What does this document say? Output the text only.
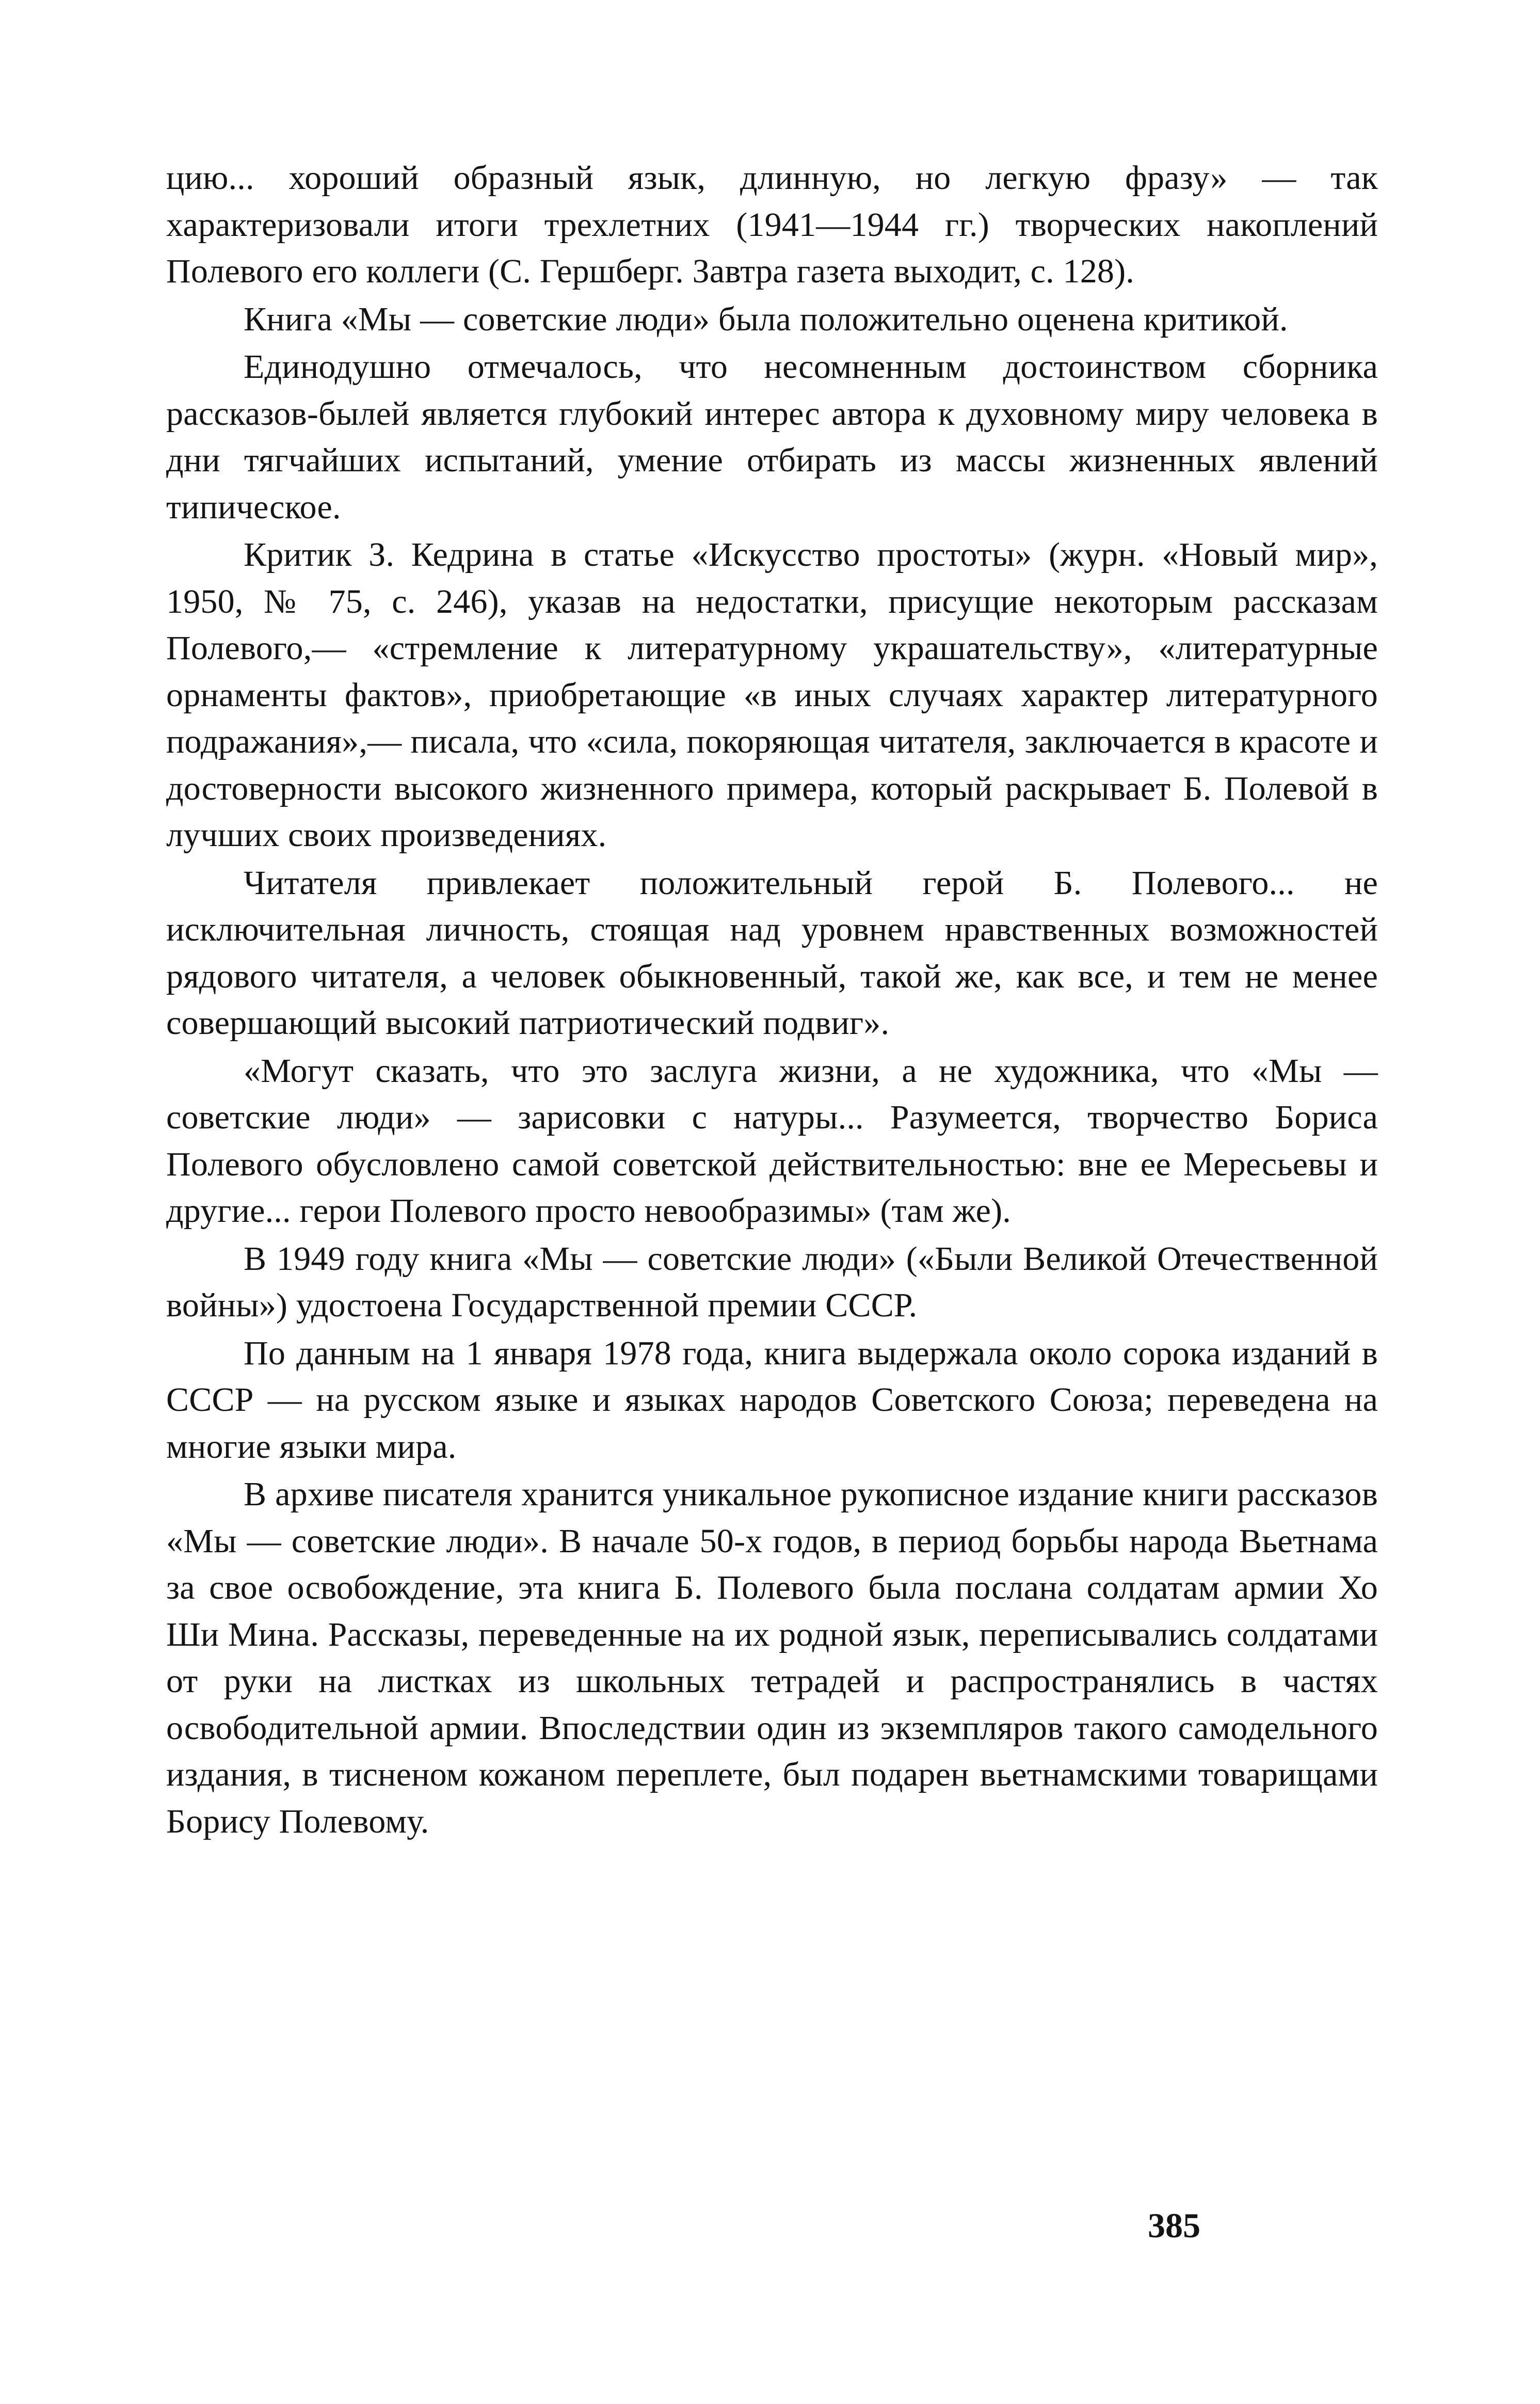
цию... хороший образный язык, длинную, но легкую фразу» — так характеризовали итоги трехлетних (1941—1944 гг.) творческих накоплений Полевого его коллеги (С. Гершберг. Завтра газета выходит, с. 128).

Книга «Мы — советские люди» была положительно оценена критикой.

Единодушно отмечалось, что несомненным достоинством сборника рассказов-былей является глубокий интерес автора к духовному миру человека в дни тягчайших испытаний, умение отбирать из массы жизненных явлений типическое.

Критик З. Кедрина в статье «Искусство простоты» (журн. «Новый мир», 1950, № 75, с. 246), указав на недостатки, присущие некоторым рассказам Полевого,— «стремление к литературному украшательству», «литературные орнаменты фактов», приобретающие «в иных случаях характер литературного подражания»,— писала, что «сила, покоряющая читателя, заключается в красоте и достоверности высокого жизненного примера, который раскрывает Б. Полевой в лучших своих произведениях.

Читателя привлекает положительный герой Б. Полевого... не исключительная личность, стоящая над уровнем нравственных возможностей рядового читателя, а человек обыкновенный, такой же, как все, и тем не менее совершающий высокий патриотический подвиг».

«Могут сказать, что это заслуга жизни, а не художника, что «Мы — советские люди» — зарисовки с натуры... Разумеется, творчество Бориса Полевого обусловлено самой советской действительностью: вне ее Мересьевы и другие... герои Полевого просто невообразимы» (там же).

В 1949 году книга «Мы — советские люди» («Были Великой Отечественной войны») удостоена Государственной премии СССР.

По данным на 1 января 1978 года, книга выдержала около сорока изданий в СССР — на русском языке и языках народов Советского Союза; переведена на многие языки мира.

В архиве писателя хранится уникальное рукописное издание книги рассказов «Мы — советские люди». В начале 50-х годов, в период борьбы народа Вьетнама за свое освобождение, эта книга Б. Полевого была послана солдатам армии Хо Ши Мина. Рассказы, переведенные на их родной язык, переписывались солдатами от руки на листках из школьных тетрадей и распространялись в частях освободительной армии. Впоследствии один из экземпляров такого самодельного издания, в тисненом кожаном переплете, был подарен вьетнамскими товарищами Борису Полевому.

385
